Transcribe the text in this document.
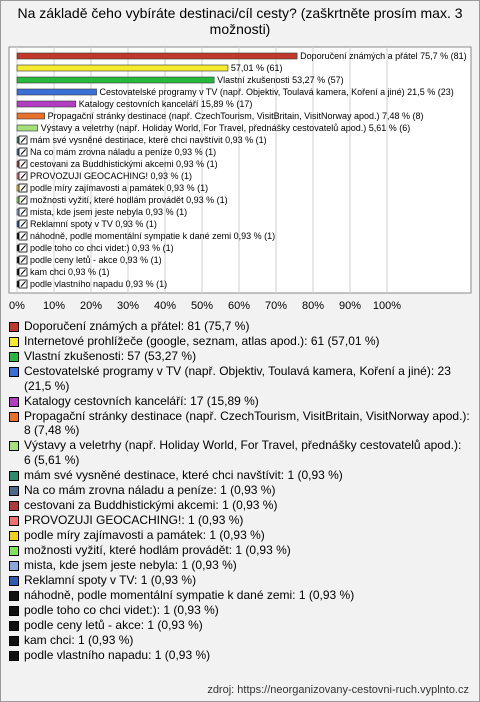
Na základě čeho vybíráte destinaci/cíl cesty? (zaškrtněte prosím max. 3 možnosti)
0% 10% 20% 30% 40% 50% 60% 70% 80% 90% 100%
Doporučení známých a přátel 75,7 % (81)
57,01 % (61)
Vlastní zkušenosti 53,27 % (57)
Cestovatelské programy v TV (např. Objektiv, Toulavá kamera, Koření a jiné) 21,5 % (23)
Katalogy cestovních kanceláří 15,89 % (17)
Propagační stránky destinace (např. CzechTourism, VisitBritain, VisitNorway apod.) 7,48 % (8)
Výstavy a veletrhy (např. Holiday World, For Travel, přednášky cestovatelů apod.) 5,61 % (6)
mám své vysněné destinace, které chci navštívit 0,93 % (1)
Na co mám zrovna náladu a peníze 0,93 % (1)
cestovani za Buddhistickými akcemi 0,93 % (1)
PROVOZUJI GEOCACHING! 0,93 % (1)
podle míry zajímavosti a památek 0,93 % (1)
možnosti vyžití, které hodlám provádět 0,93 % (1)
mista, kde jsem jeste nebyla 0,93 % (1)
Reklamní spoty v TV 0,93 % (1)
náhodně, podle momentální sympatie k dané zemi 0,93 % (1)
podle toho co chci videt:) 0,93 % (1)
podle ceny letů - akce 0,93 % (1)
kam chci 0,93 % (1)
podle vlastního napadu 0,93 % (1)
Doporučení známých a přátel: 81 (75,7 %)
Internetové prohlížeče (google, seznam, atlas apod.): 61 (57,01 %)
Vlastní zkušenosti: 57 (53,27 %)
Cestovatelské programy v TV (např. Objektiv, Toulavá kamera, Koření a jiné): 23 (21,5 %)
Katalogy cestovních kanceláří: 17 (15,89 %)
Propagační stránky destinace (např. CzechTourism, VisitBritain, VisitNorway apod.): 8 (7,48 %)
Výstavy a veletrhy (např. Holiday World, For Travel, přednášky cestovatelů apod.): 6 (5,61 %)
mám své vysněné destinace, které chci navštívit: 1 (0,93 %)
Na co mám zrovna náladu a peníze: 1 (0,93 %)
cestovani za Buddhistickými akcemi: 1 (0,93 %)
PROVOZUJI GEOCACHING!: 1 (0,93 %)
podle míry zajímavosti a památek: 1 (0,93 %)
možnosti vyžití, které hodlám provádět: 1 (0,93 %)
mista, kde jsem jeste nebyla: 1 (0,93 %)
Reklamní spoty v TV: 1 (0,93 %)
náhodně, podle momentální sympatie k dané zemi: 1 (0,93 %)
podle toho co chci videt:): 1 (0,93 %)
podle ceny letů - akce: 1 (0,93 %)
kam chci: 1 (0,93 %)
podle vlastního napadu: 1 (0,93 %)
zdroj: https://neorganizovany-cestovni-ruch.vyplnto.cz
